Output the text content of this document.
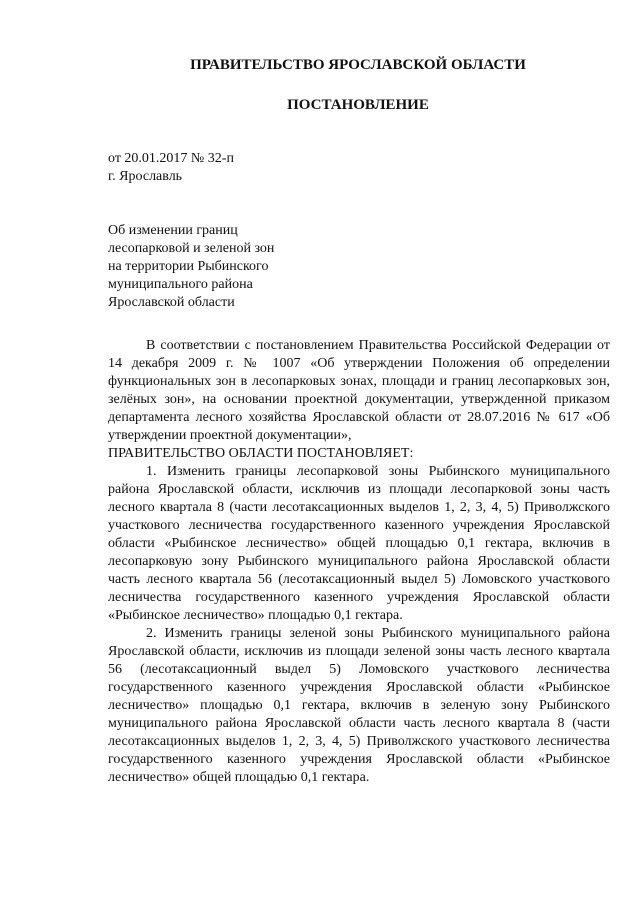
ПРАВИТЕЛЬСТВО ЯРОСЛАВСКОЙ ОБЛАСТИ
ПОСТАНОВЛЕНИЕ
от 20.01.2017 № 32-п
г. Ярославль
Об изменении границ
лесопарковой и зеленой зон
на территории Рыбинского
муниципального района
Ярославской области

В соответствии с постановлением Правительства Российской Федерации от 14 декабря 2009 г. № 1007 «Об утверждении Положения об определении функциональных зон в лесопарковых зонах, площади и границ лесопарковых зон, зелёных зон», на основании проектной документации, утвержденной приказом департамента лесного хозяйства Ярославской области от 28.07.2016 № 617 «Об утверждении проектной документации»,

ПРАВИТЕЛЬСТВО ОБЛАСТИ ПОСТАНОВЛЯЕТ:

1. Изменить границы лесопарковой зоны Рыбинского муниципального района Ярославской области, исключив из площади лесопарковой зоны часть лесного квартала 8 (части лесотаксационных выделов 1, 2, 3, 4, 5) Приволжского участкового лесничества государственного казенного учреждения Ярославской области «Рыбинское лесничество» общей площадью 0,1 гектара, включив в лесопарковую зону Рыбинского муниципального района Ярославской области часть лесного квартала 56 (лесотаксационный выдел 5) Ломовского участкового лесничества государственного казенного учреждения Ярославской области «Рыбинское лесничество» площадью 0,1 гектара.

2. Изменить границы зеленой зоны Рыбинского муниципального района Ярославской области, исключив из площади зеленой зоны часть лесного квартала 56 (лесотаксационный выдел 5) Ломовского участкового лесничества государственного казенного учреждения Ярославской области «Рыбинское лесничество» площадью 0,1 гектара, включив в зеленую зону Рыбинского муниципального района Ярославской области часть лесного квартала 8 (части лесотаксационных выделов 1, 2, 3, 4, 5) Приволжского участкового лесничества государственного казенного учреждения Ярославской области «Рыбинское лесничество» общей площадью 0,1 гектара.
